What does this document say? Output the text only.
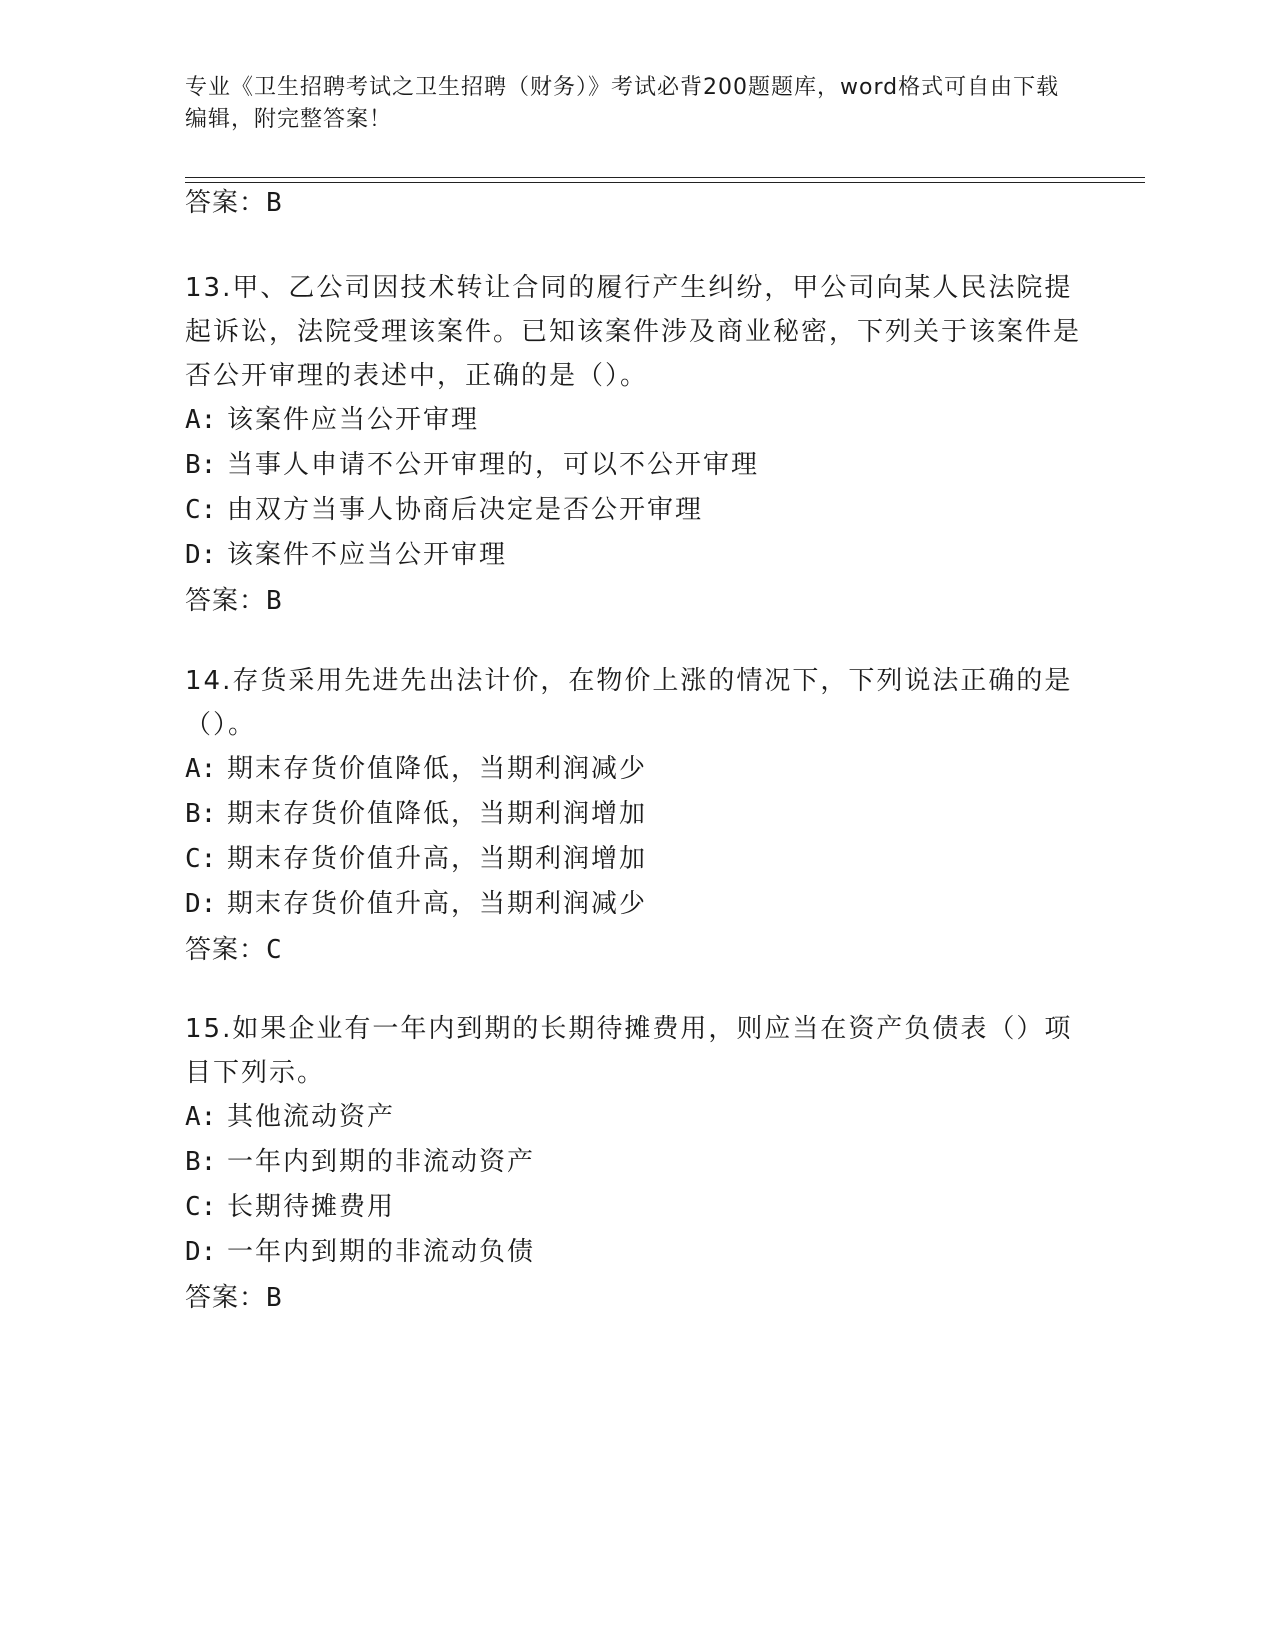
专业《卫生招聘考试之卫生招聘（财务）》考试必背200题题库，word格式可自由下载编辑，附完整答案！

答案：B

13.甲、乙公司因技术转让合同的履行产生纠纷，甲公司向某人民法院提起诉讼，法院受理该案件。已知该案件涉及商业秘密，下列关于该案件是否公开审理的表述中，正确的是（）。

A: 该案件应当公开审理

B: 当事人申请不公开审理的，可以不公开审理

C: 由双方当事人协商后决定是否公开审理

D: 该案件不应当公开审理

答案：B

14.存货采用先进先出法计价，在物价上涨的情况下，下列说法正确的是（）。

A: 期末存货价值降低，当期利润减少

B: 期末存货价值降低，当期利润增加

C: 期末存货价值升高，当期利润增加

D: 期末存货价值升高，当期利润减少

答案：C

15.如果企业有一年内到期的长期待摊费用，则应当在资产负债表（）项目下列示。

A: 其他流动资产

B: 一年内到期的非流动资产

C: 长期待摊费用

D: 一年内到期的非流动负债

答案：B
